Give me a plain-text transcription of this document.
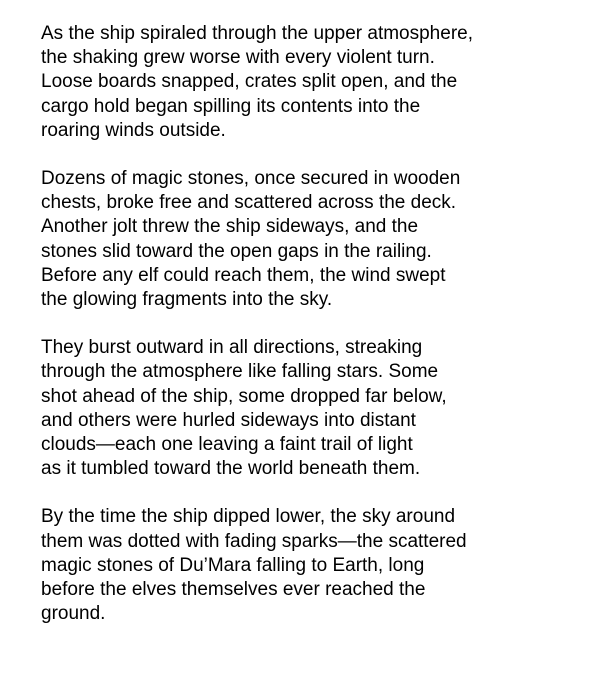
As the ship spiraled through the upper atmosphere,
the shaking grew worse with every violent turn.
Loose boards snapped, crates split open, and the
cargo hold began spilling its contents into the
roaring winds outside.

Dozens of magic stones, once secured in wooden
chests, broke free and scattered across the deck.
Another jolt threw the ship sideways, and the
stones slid toward the open gaps in the railing.
Before any elf could reach them, the wind swept
the glowing fragments into the sky.

They burst outward in all directions, streaking
through the atmosphere like falling stars. Some
shot ahead of the ship, some dropped far below,
and others were hurled sideways into distant
clouds—each one leaving a faint trail of light
as it tumbled toward the world beneath them.

By the time the ship dipped lower, the sky around
them was dotted with fading sparks—the scattered
magic stones of Du’Mara falling to Earth, long
before the elves themselves ever reached the
ground.
